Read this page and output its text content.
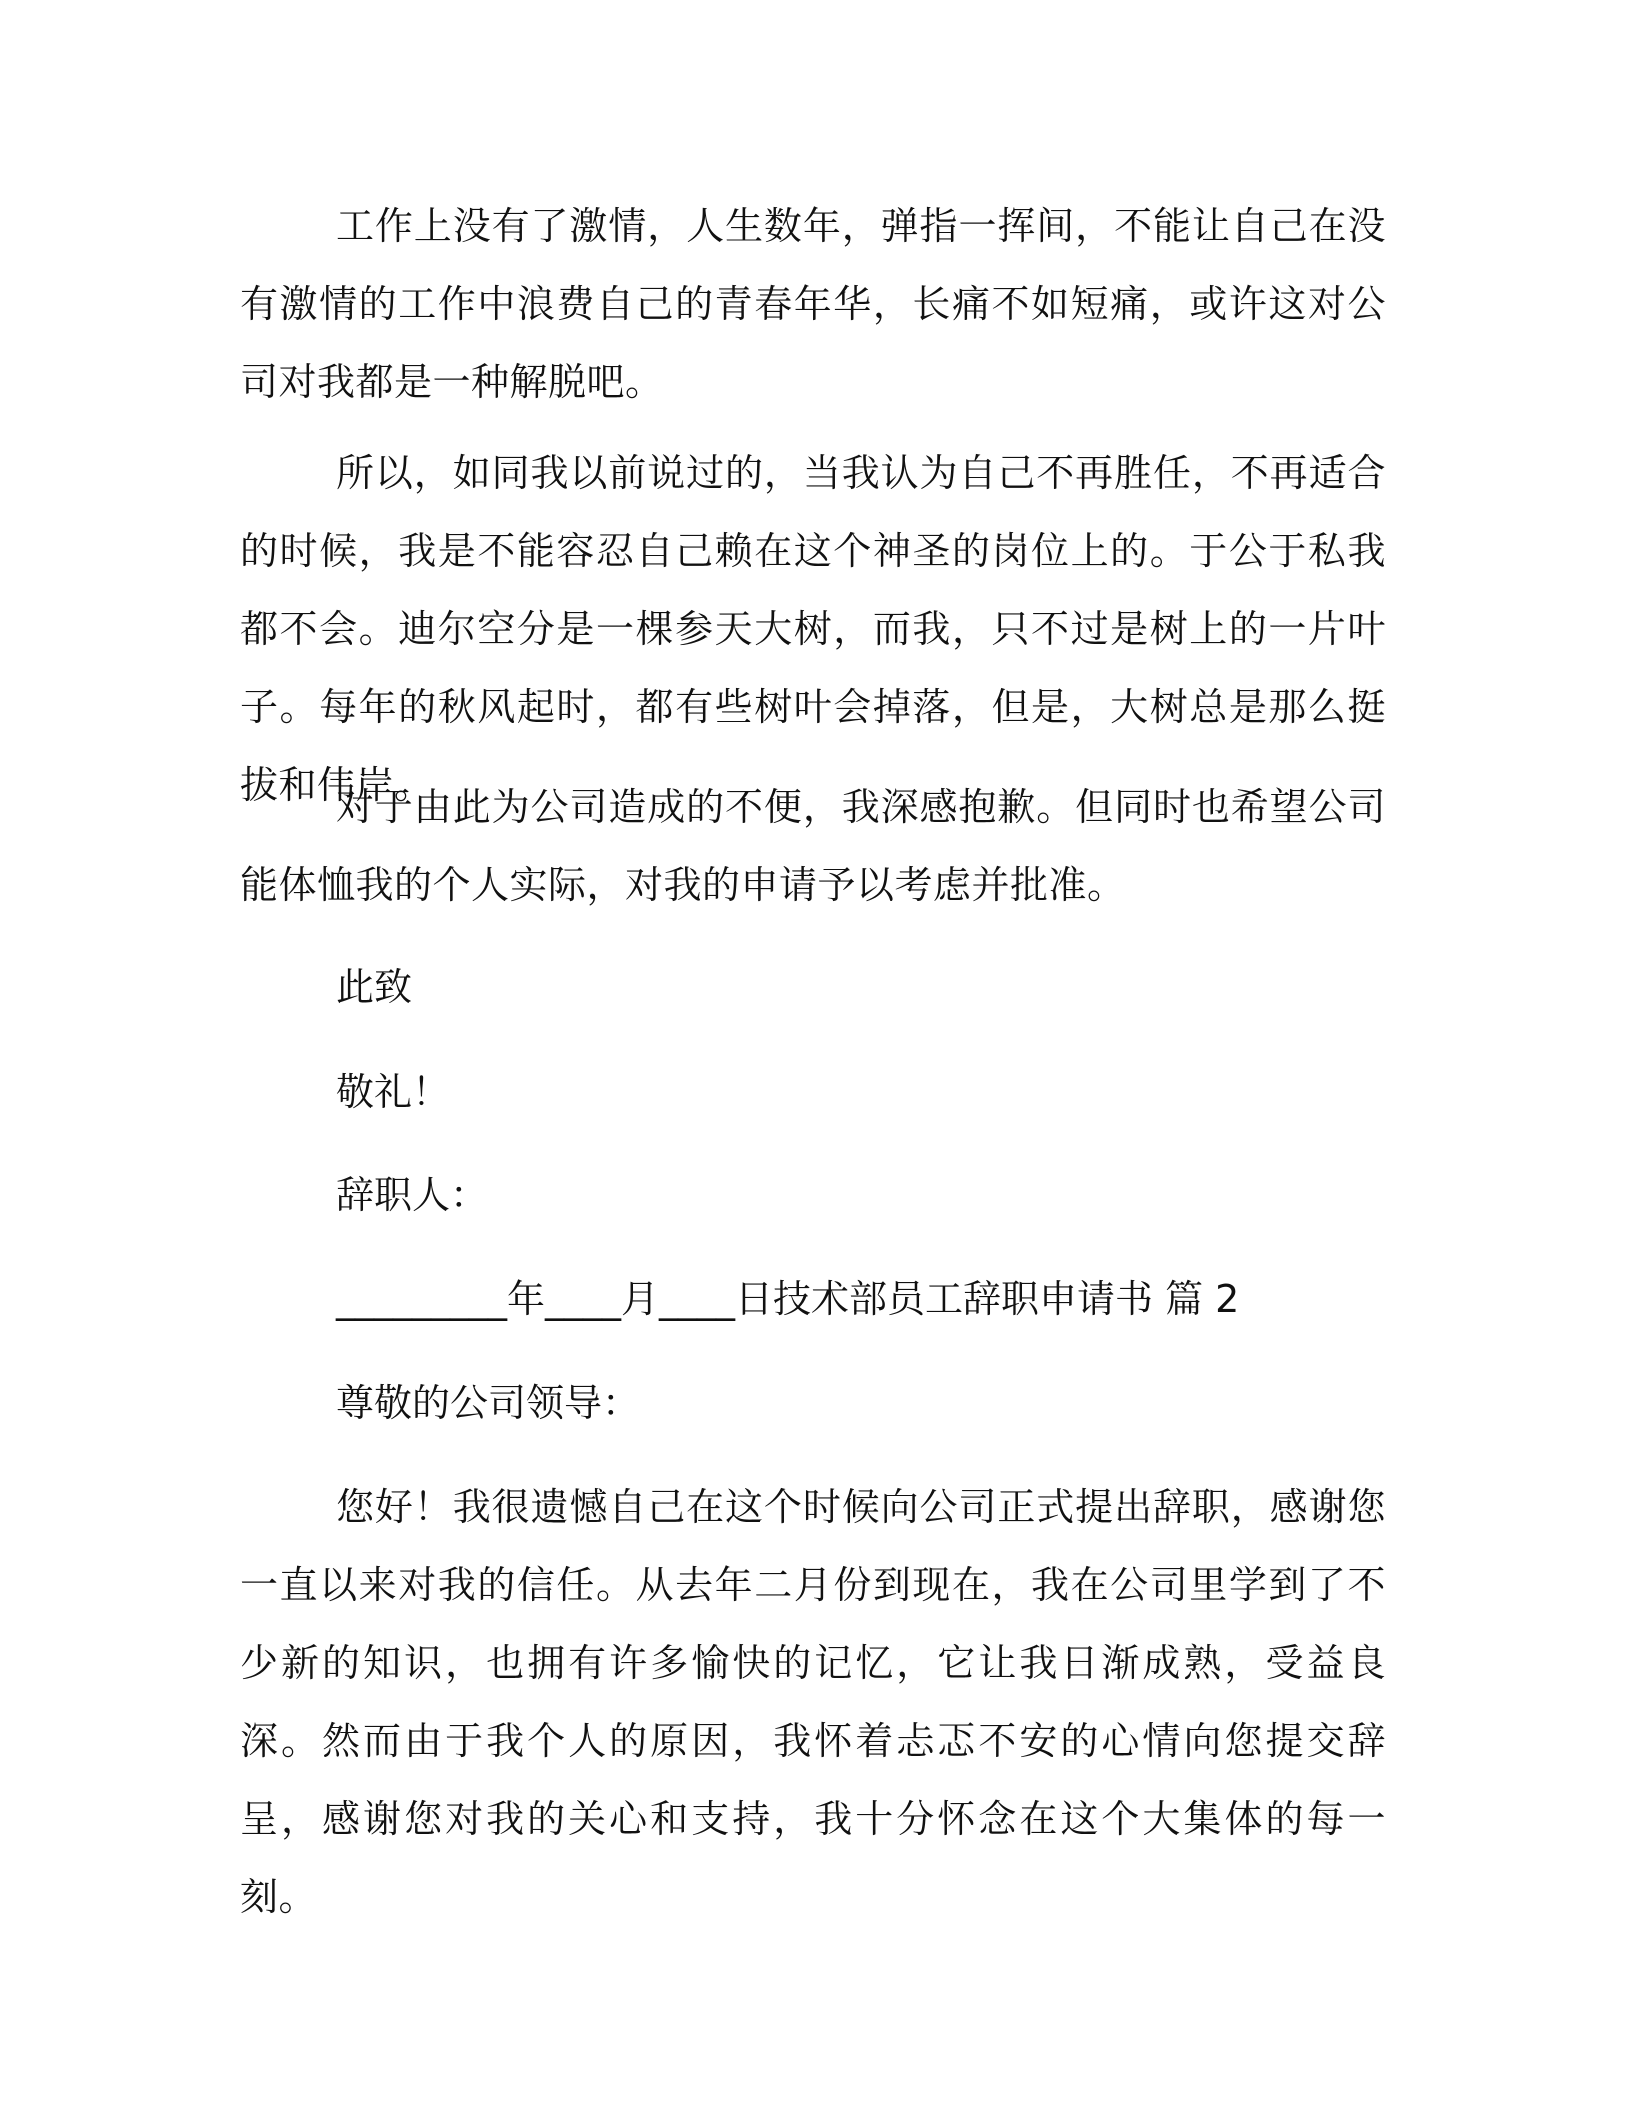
工作上没有了激情，人生数年，弹指一挥间，不能让自己在没有激情的工作中浪费自己的青春年华，长痛不如短痛，或许这对公司对我都是一种解脱吧。

所以，如同我以前说过的，当我认为自己不再胜任，不再适合的时候，我是不能容忍自己赖在这个神圣的岗位上的。于公于私我都不会。迪尔空分是一棵参天大树，而我，只不过是树上的一片叶子。每年的秋风起时，都有些树叶会掉落，但是，大树总是那么挺拔和伟岸。

对于由此为公司造成的不便，我深感抱歉。但同时也希望公司能体恤我的个人实际，对我的申请予以考虑并批准。

此致

敬礼！

辞职人：

_________年____月____日技术部员工辞职申请书 篇 2

尊敬的公司领导：

您好！我很遗憾自己在这个时候向公司正式提出辞职，感谢您一直以来对我的信任。从去年二月份到现在，我在公司里学到了不少新的知识，也拥有许多愉快的记忆，它让我日渐成熟，受益良深。然而由于我个人的原因，我怀着忐忑不安的心情向您提交辞呈，感谢您对我的关心和支持，我十分怀念在这个大集体的每一刻。
